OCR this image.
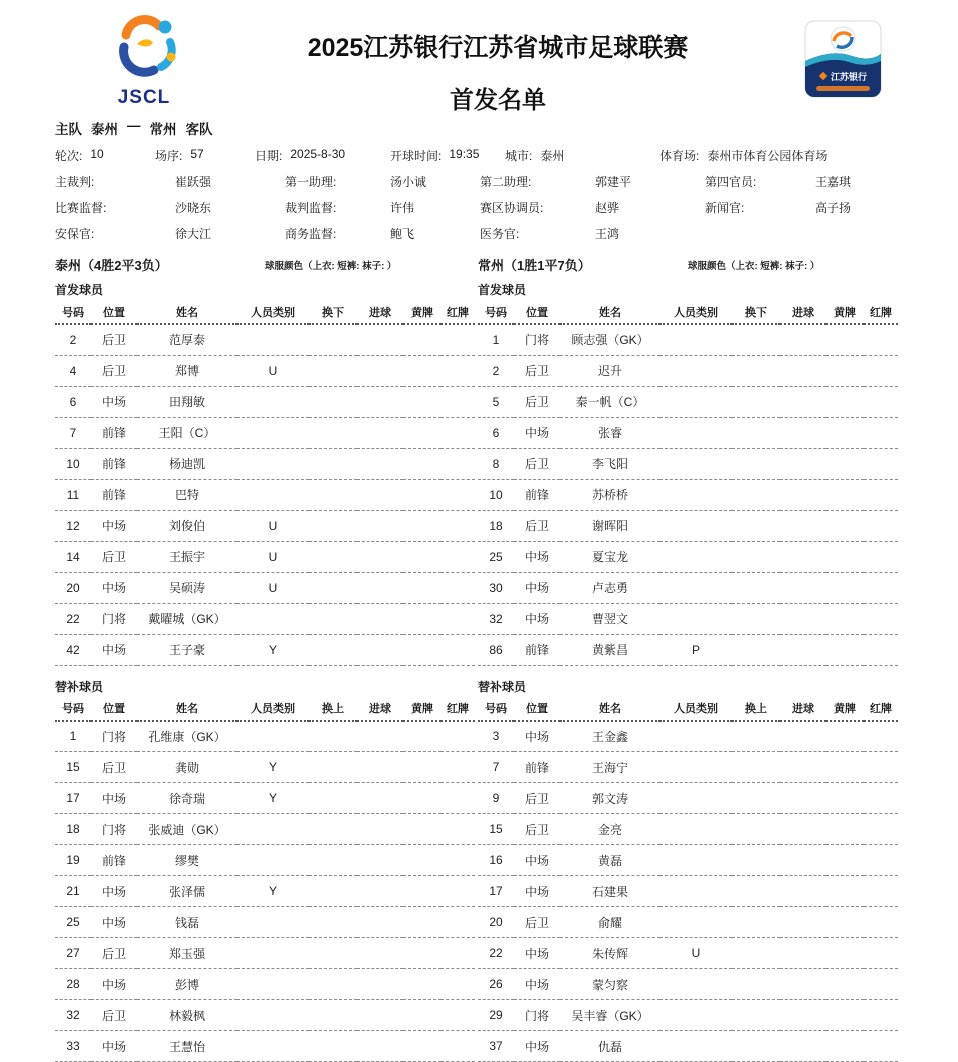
JSCL
2025江苏银行江苏省城市足球联赛
首发名单
江苏银行
主队 泰州 — 常州 客队
轮次: 10	场序: 57	日期: 2025-8-30	开球时间: 19:35 城市: 泰州	体育场: 泰州市体育公园体育场
主裁判:	崔跃强	第一助理:	汤小诚	第二助理:	郭建平	第四官员:	王嘉琪
比赛监督:	沙晓东	裁判监督:	许伟	赛区协调员:	赵骅	新闻官:	高子扬
安保官:	徐大江	商务监督:	鲍飞	医务官:	王鸿
泰州（4胜2平3负）	球服颜色（上衣: 短裤: 袜子: ）
首发球员
号码	位置	姓名	人员类别	换下	进球	黄牌	红牌
2	后卫	范厚泰					
4	后卫	郑博	U				
6	中场	田翔敏					
7	前锋	王阳（C）					
10	前锋	杨迪凯					
11	前锋	巴特					
12	中场	刘俊伯	U				
14	后卫	王振宇	U				
20	中场	吴硕涛	U				
22	门将	戴曜城（GK）					
42	中场	王子豪	Y				
替补球员
号码	位置	姓名	人员类别	换上	进球	黄牌	红牌
1	门将	孔维康（GK）					
15	后卫	龚勋	Y				
17	中场	徐奇瑞	Y				
18	门将	张威迪（GK）					
19	前锋	缪樊					
21	中场	张泽儒	Y				
25	中场	钱磊					
27	后卫	郑玉强					
28	中场	彭博					
32	后卫	林毅枫					
33	中场	王慧怡					
常州（1胜1平7负）	球服颜色（上衣: 短裤: 袜子: ）
首发球员
号码	位置	姓名	人员类别	换下	进球	黄牌	红牌
1	门将	顾志强（GK）					
2	后卫	迟升					
5	后卫	秦一帆（C）					
6	中场	张睿					
8	后卫	李飞阳					
10	前锋	苏桥桥					
18	后卫	谢晖阳					
25	中场	夏宝龙					
30	中场	卢志勇					
32	中场	曹翌文					
86	前锋	黄紫昌	P				
替补球员
号码	位置	姓名	人员类别	换上	进球	黄牌	红牌
3	中场	王金鑫					
7	前锋	王海宁					
9	后卫	郭文涛					
15	后卫	金亮					
16	中场	黄磊					
17	中场	石建果					
20	后卫	俞耀					
22	中场	朱传辉	U				
26	中场	蒙匀察					
29	门将	吴丰睿（GK）					
37	中场	仇磊					
